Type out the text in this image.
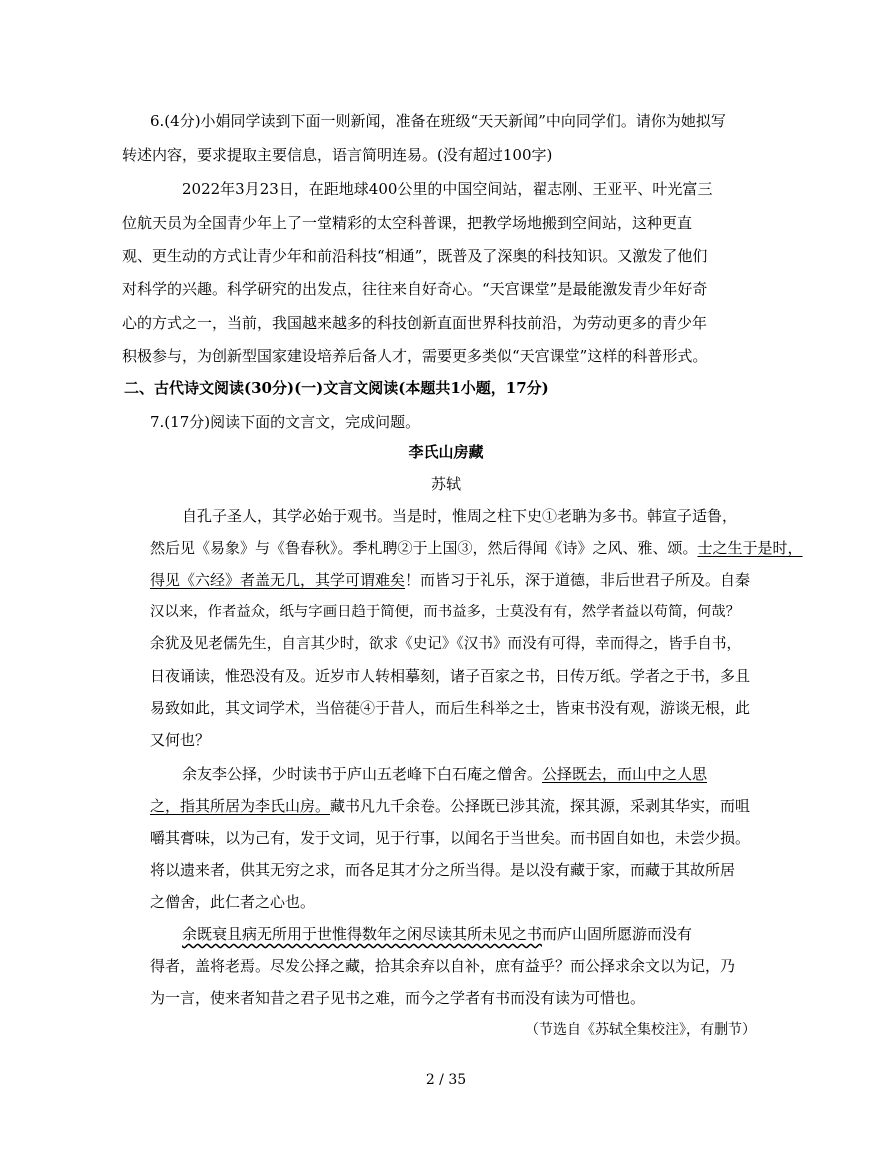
6.(4分)小娟同学读到下面一则新闻，准备在班级“天天新闻”中向同学们。请你为她拟写
转述内容，要求提取主要信息，语言简明连易。(没有超过100字)
2022年3月23日，在距地球400公里的中国空间站，翟志刚、王亚平、叶光富三
位航天员为全国青少年上了一堂精彩的太空科普课，把教学场地搬到空间站，这种更直
观、更生动的方式让青少年和前沿科技“相通”，既普及了深奥的科技知识。又激发了他们
对科学的兴趣。科学研究的出发点，往往来自好奇心。“天宫课堂”是最能激发青少年好奇
心的方式之一，当前，我国越来越多的科技创新直面世界科技前沿，为劳动更多的青少年
积极参与，为创新型国家建设培养后备人才，需要更多类似“天宫课堂”这样的科普形式。
二、古代诗文阅读(30分)(一)文言文阅读(本题共1小题，17分)
7.(17分)阅读下面的文言文，完成问题。
李氏山房藏
苏轼
自孔子圣人，其学必始于观书。当是时，惟周之柱下史①老聃为多书。韩宣子适鲁，
然后见《易象》与《鲁春秋》。季札聘②于上国③，然后得闻《诗》之风、雅、颂。士之生于是时，
得见《六经》者盖无几，其学可谓难矣！而皆习于礼乐，深于道德，非后世君子所及。自秦
汉以来，作者益众，纸与字画日趋于简便，而书益多，士莫没有有，然学者益以苟简，何哉？
余犹及见老儒先生，自言其少时，欲求《史记》《汉书》而没有可得，幸而得之，皆手自书，
日夜诵读，惟恐没有及。近岁市人转相摹刻，诸子百家之书，日传万纸。学者之于书，多且
易致如此，其文词学术，当倍蓰④于昔人，而后生科举之士，皆束书没有观，游谈无根，此
又何也？
余友李公择，少时读书于庐山五老峰下白石庵之僧舍。公择既去，而山中之人思
之，指其所居为李氏山房。藏书凡九千余卷。公择既已涉其流，探其源，采剥其华实，而咀
嚼其膏味，以为己有，发于文词，见于行事，以闻名于当世矣。而书固自如也，未尝少损。
将以遗来者，供其无穷之求，而各足其才分之所当得。是以没有藏于家，而藏于其故所居
之僧舍，此仁者之心也。
余既衰且病无所用于世惟得数年之闲尽读其所未见之书而庐山固所愿游而没有
得者，盖将老焉。尽发公择之藏，拾其余弃以自补，庶有益乎？而公择求余文以为记，乃
为一言，使来者知昔之君子见书之难，而今之学者有书而没有读为可惜也。
（节选自《苏轼全集校注》，有删节）
2 / 35
